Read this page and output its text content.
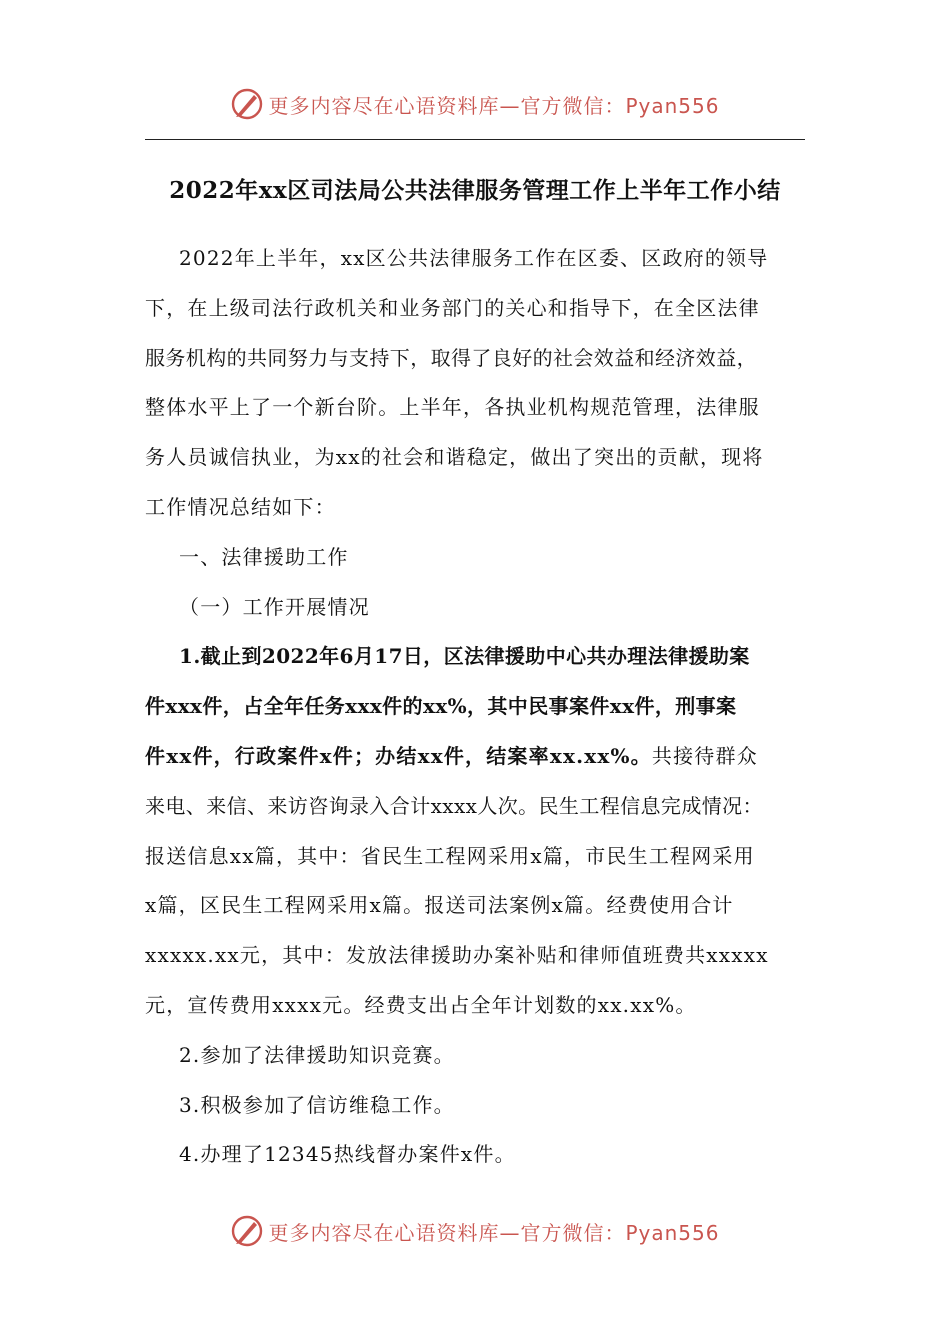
更多内容尽在心语资料库—官方微信：Pyan556
2022年xx区司法局公共法律服务管理工作上半年工作小结
2022年上半年，xx区公共法律服务工作在区委、区政府的领导
下，在上级司法行政机关和业务部门的关心和指导下，在全区法律
服务机构的共同努力与支持下，取得了良好的社会效益和经济效益，
整体水平上了一个新台阶。上半年，各执业机构规范管理，法律服
务人员诚信执业，为xx的社会和谐稳定，做出了突出的贡献，现将
工作情况总结如下：
一、法律援助工作
（一）工作开展情况
1.截止到2022年6月17日，区法律援助中心共办理法律援助案
件xxx件，占全年任务xxx件的xx%，其中民事案件xx件，刑事案
件xx件，行政案件x件；办结xx件，结案率xx.xx%。共接待群众
来电、来信、来访咨询录入合计xxxx人次。民生工程信息完成情况：
报送信息xx篇，其中：省民生工程网采用x篇，市民生工程网采用
x篇，区民生工程网采用x篇。报送司法案例x篇。经费使用合计
xxxxx.xx元，其中：发放法律援助办案补贴和律师值班费共xxxxx
元，宣传费用xxxx元。经费支出占全年计划数的xx.xx%。
2.参加了法律援助知识竞赛。
3.积极参加了信访维稳工作。
4.办理了12345热线督办案件x件。
更多内容尽在心语资料库—官方微信：Pyan556
